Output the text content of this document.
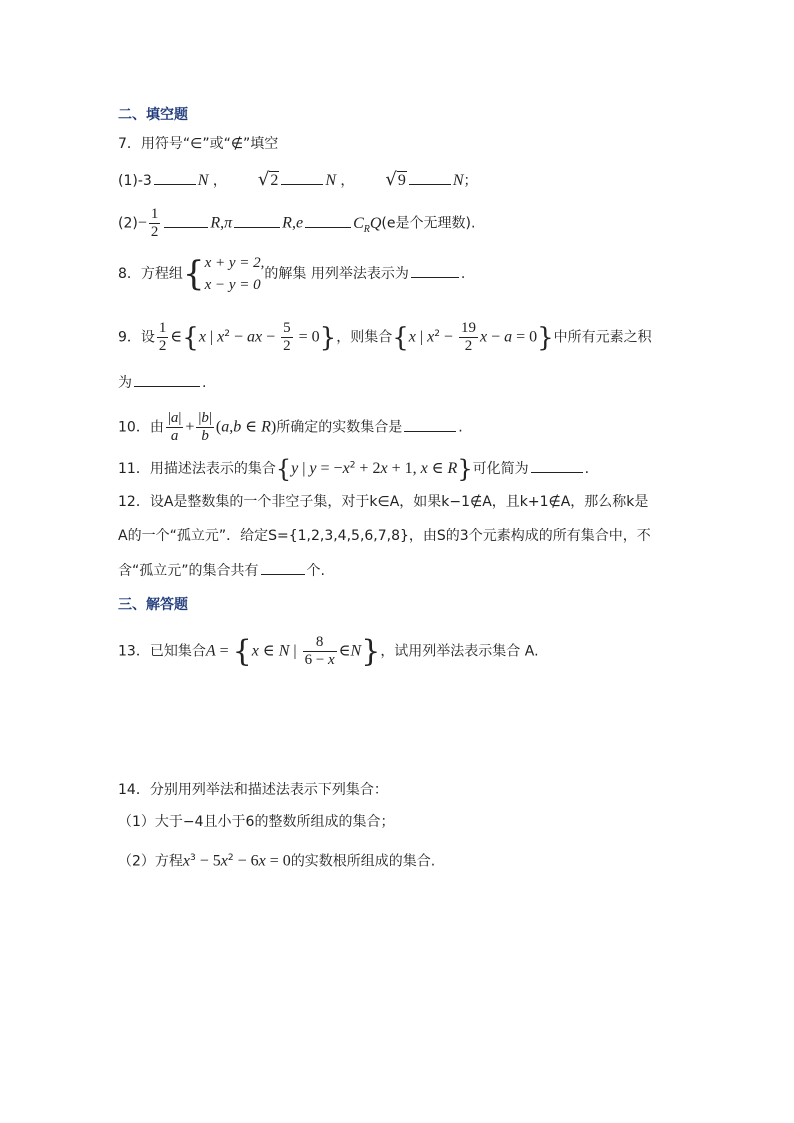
二、填空题
7．用符号“∈”或“∉”填空
(1)-3	N ，  √2	N ，  √9	N；
$(2)- \frac{1}{2}$	R,π	R,e	$C_RQ(e$是个无理数).
8．方程组{ x + y = 2,
x − y = 0
的解集 用列举法表示为	.
9．设 $\frac{1}{2}$ ∈{x | $x^2$ − ax − $\frac{5}{2} = 0$}，则集合{x | $x^2 - \frac{19}{2}$ x − a = 0}中所有元素之积
为	.
10．由 $\frac{|a|}{a} + \frac{|b|}{b} (a,b$ ∈ R)所确定的实数集合是	.
11．用描述法表示的集合{y | $y = -x^2 + 2x + 1$, x ∈ R}可化简为	.
12．设A是整数集的一个非空子集，对于k∈A，如果k−1∉A，且k+1∉A，那么称k是
A的一个“孤立元”．给定S={1,2,3,4,5,6,7,8}，由S的3个元素构成的所有集合中，不
含“孤立元”的集合共有	个.
三、解答题
13．已知集合A = {x ∈ N | $\frac{8}{6 - x}$ ∈N}，试用列举法表示集合 A.
14．分别用列举法和描述法表示下列集合：
（1）大于−4且小于6的整数所组成的集合；
（2）方程$x^3 - 5x^2 - 6x = 0$的实数根所组成的集合.
